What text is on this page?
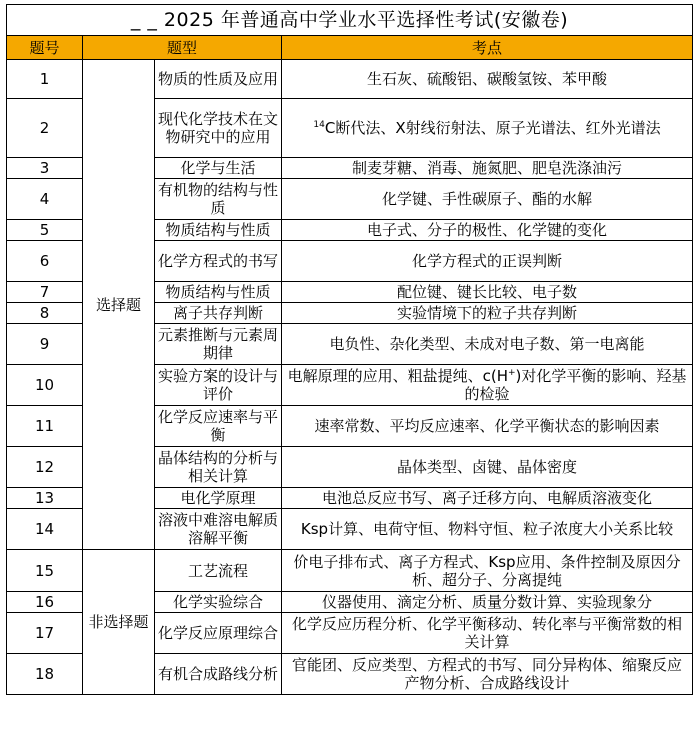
_ _ 2025 年普通高中学业水平选择性考试(安徽卷)			
题号	题型		考点
1	选择题	物质的性质及应用	生石灰、硫酸铝、碳酸氢铵、苯甲酸
2		现代化学技术在文物研究中的应用	$^{14}$C断代法、X射线衍射法、原子光谱法、红外光谱法
3		化学与生活	制麦芽糖、消毒、施氮肥、肥皂洗涤油污
4		有机物的结构与性质	化学键、手性碳原子、酯的水解
5		物质结构与性质	电子式、分子的极性、化学键的变化
6		化学方程式的书写	化学方程式的正误判断
7		物质结构与性质	配位键、键长比较、电子数
8		离子共存判断	实验情境下的粒子共存判断
9		元素推断与元素周期律	电负性、杂化类型、未成对电子数、第一电离能
10		实验方案的设计与评价	电解原理的应用、粗盐提纯、c(H+)对化学平衡的影响、羟基的检验
11		化学反应速率与平衡	速率常数、平均反应速率、化学平衡状态的影响因素
12		晶体结构的分析与相关计算	晶体类型、卤键、晶体密度
13		电化学原理	电池总反应书写、离子迁移方向、电解质溶液变化
14		溶液中难溶电解质溶解平衡	Ksp计算、电荷守恒、物料守恒、粒子浓度大小关系比较
15	非选择题	工艺流程	价电子排布式、离子方程式、Ksp应用、条件控制及原因分析、超分子、分离提纯
16		化学实验综合	仪器使用、滴定分析、质量分数计算、实验现象分
17		化学反应原理综合	化学反应历程分析、化学平衡移动、转化率与平衡常数的相关计算
18		有机合成路线分析	官能团、反应类型、方程式的书写、同分异构体、缩聚反应产物分析、合成路线设计
